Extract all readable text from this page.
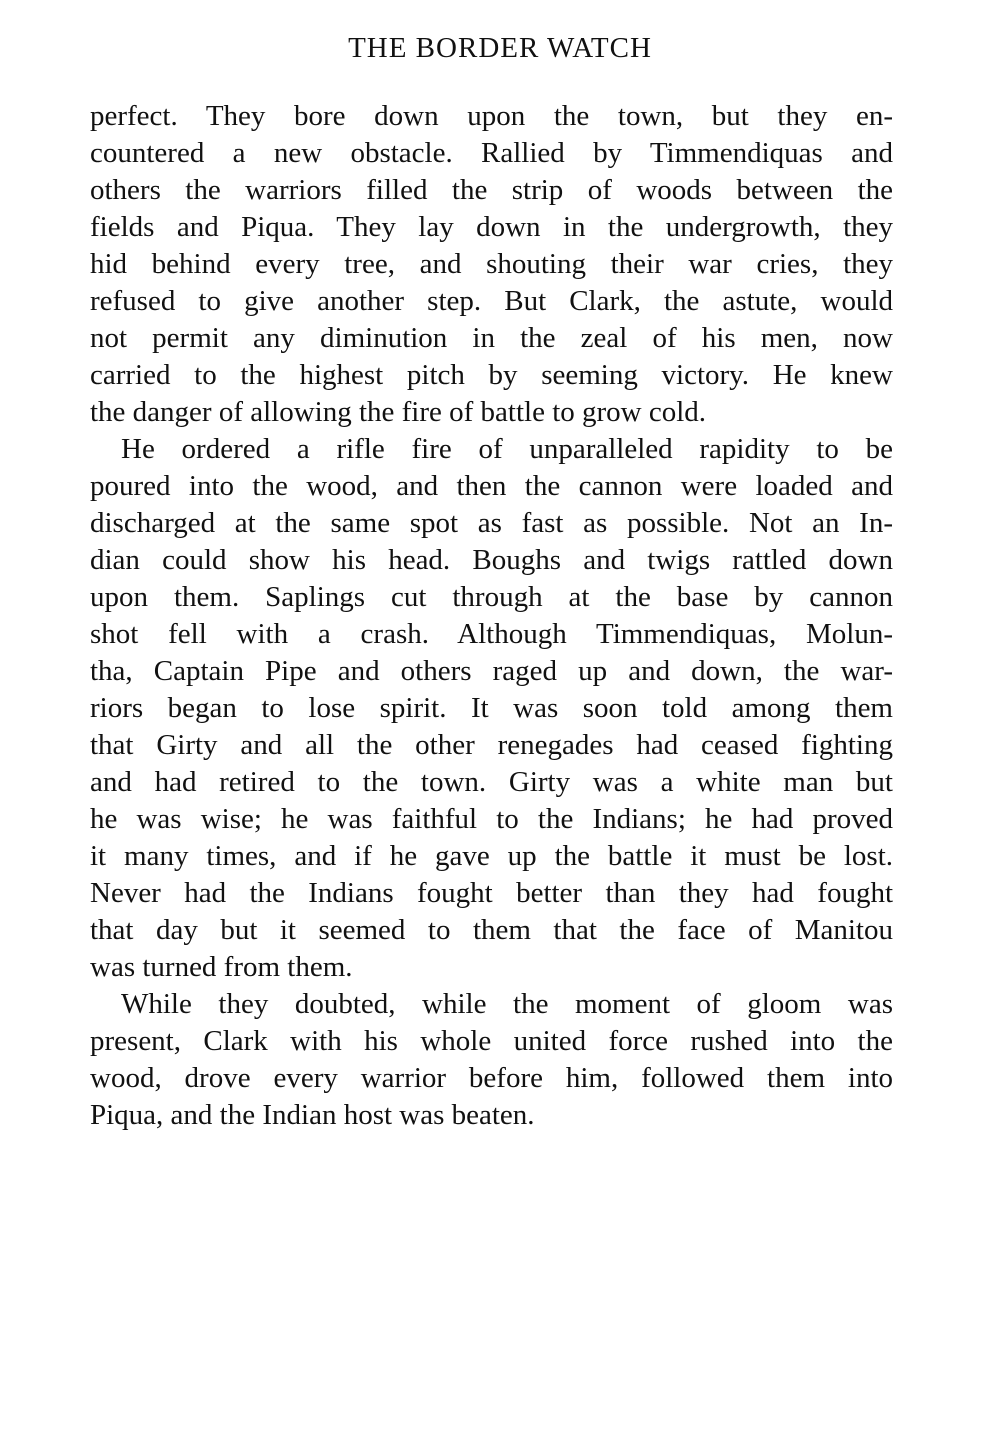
THE BORDER WATCH
perfect. They bore down upon the town, but they en-
countered a new obstacle. Rallied by Timmendiquas and
others the warriors filled the strip of woods between the
fields and Piqua. They lay down in the undergrowth, they
hid behind every tree, and shouting their war cries, they
refused to give another step. But Clark, the astute, would
not permit any diminution in the zeal of his men, now
carried to the highest pitch by seeming victory. He knew
the danger of allowing the fire of battle to grow cold.
He ordered a rifle fire of unparalleled rapidity to be
poured into the wood, and then the cannon were loaded and
discharged at the same spot as fast as possible. Not an In-
dian could show his head. Boughs and twigs rattled down
upon them. Saplings cut through at the base by cannon
shot fell with a crash. Although Timmendiquas, Molun-
tha, Captain Pipe and others raged up and down, the war-
riors began to lose spirit. It was soon told among them
that Girty and all the other renegades had ceased fighting
and had retired to the town. Girty was a white man but
he was wise; he was faithful to the Indians; he had proved
it many times, and if he gave up the battle it must be lost.
Never had the Indians fought better than they had fought
that day but it seemed to them that the face of Manitou
was turned from them.
While they doubted, while the moment of gloom was
present, Clark with his whole united force rushed into the
wood, drove every warrior before him, followed them into
Piqua, and the Indian host was beaten.
